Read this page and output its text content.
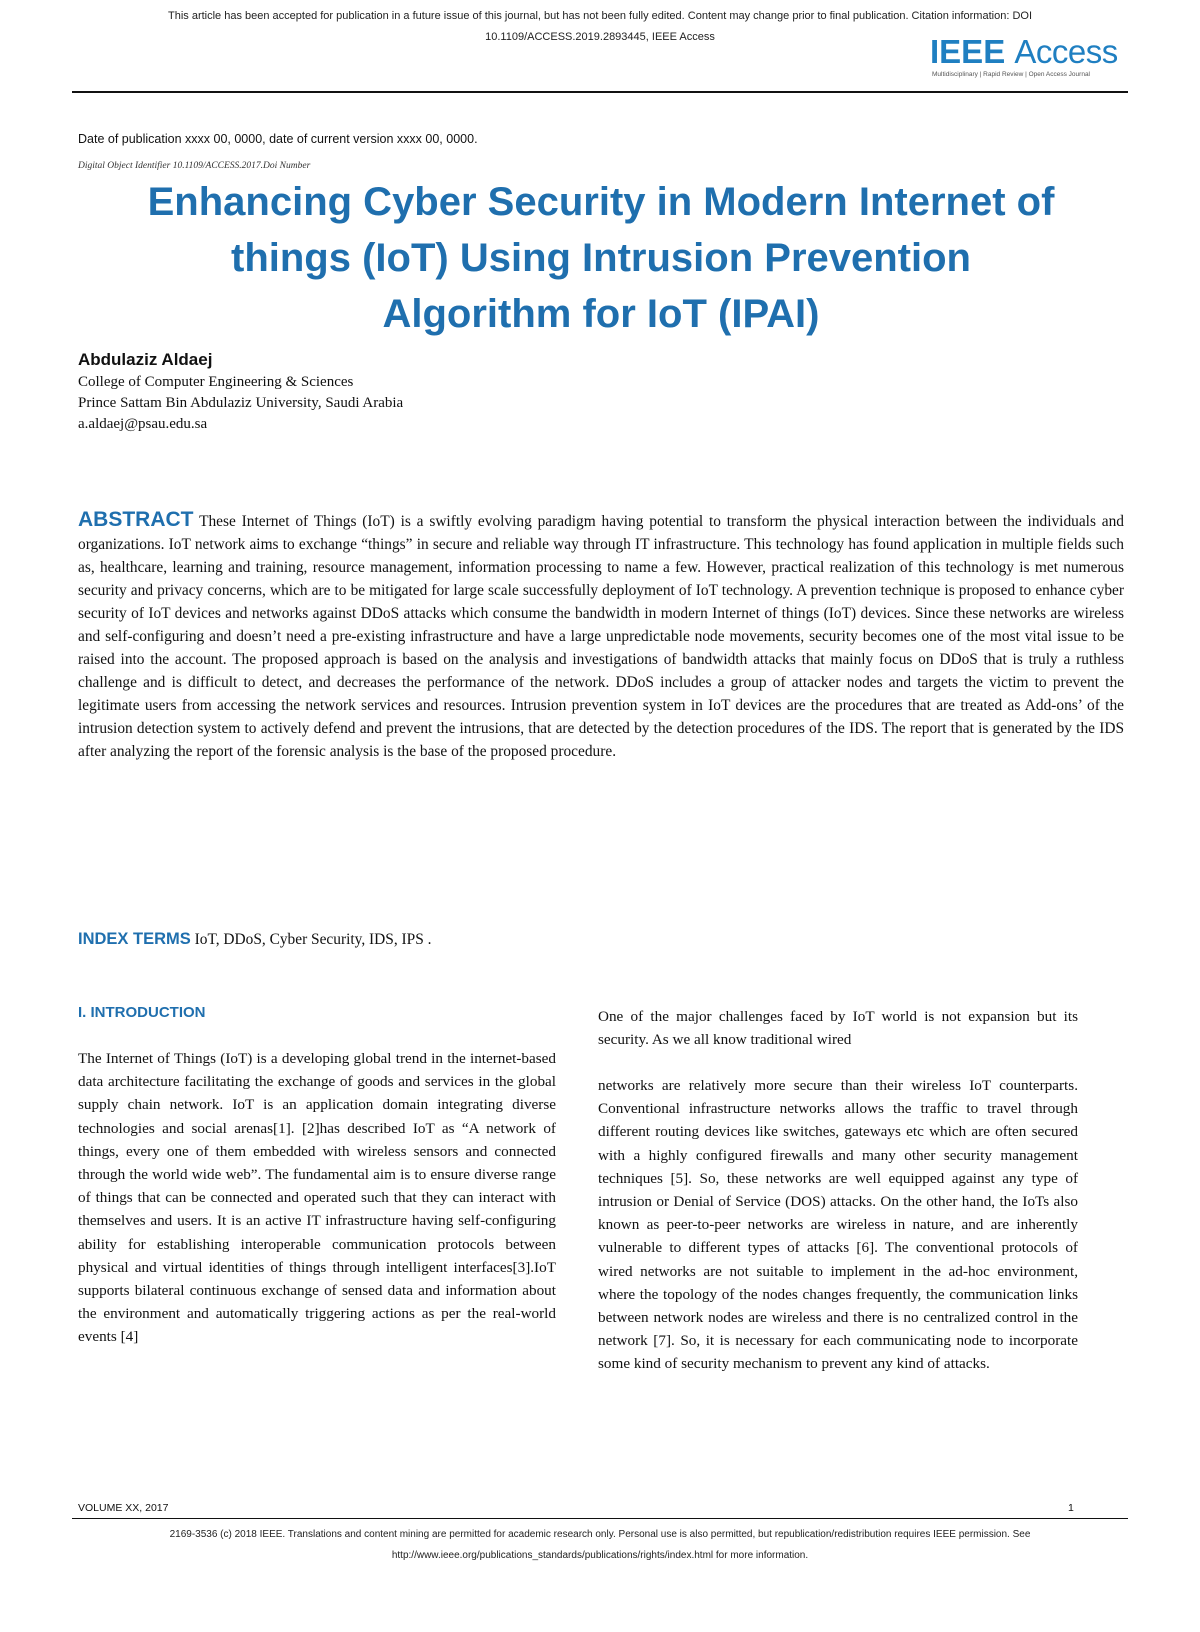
This article has been accepted for publication in a future issue of this journal, but has not been fully edited. Content may change prior to final publication. Citation information: DOI
10.1109/ACCESS.2019.2893445, IEEE Access	IEEE Access
Multidisciplinary | Rapid Review | Open Access Journal
Date of publication xxxx 00, 0000, date of current version xxxx 00, 0000.
Digital Object Identifier 10.1109/ACCESS.2017.Doi Number
Enhancing Cyber Security in Modern Internet of
things (IoT) Using Intrusion Prevention
Algorithm for IoT (IPAI)
Abdulaziz Aldaej
College of Computer Engineering & Sciences
Prince Sattam Bin Abdulaziz University, Saudi Arabia
a.aldaej@psau.edu.sa
ABSTRACT These Internet of Things (IoT) is a swiftly evolving paradigm having potential to transform the physical interaction between the individuals and organizations. IoT network aims to exchange “things” in secure and reliable way through IT infrastructure. This technology has found application in multiple fields such as, healthcare, learning and training, resource management, information processing to name a few. However, practical realization of this technology is met numerous security and privacy concerns, which are to be mitigated for large scale successfully deployment of IoT technology. A prevention technique is proposed to enhance cyber security of IoT devices and networks against DDoS attacks which consume the bandwidth in modern Internet of things (IoT) devices. Since these networks are wireless and self-configuring and doesn’t need a pre-existing infrastructure and have a large unpredictable node movements, security becomes one of the most vital issue to be raised into the account. The proposed approach is based on the analysis and investigations of bandwidth attacks that mainly focus on DDoS that is truly a ruthless challenge and is difficult to detect, and decreases the performance of the network. DDoS includes a group of attacker nodes and targets the victim to prevent the legitimate users from accessing the network services and resources. Intrusion prevention system in IoT devices are the procedures that are treated as Add-ons’ of the intrusion detection system to actively defend and prevent the intrusions, that are detected by the detection procedures of the IDS. The report that is generated by the IDS after analyzing the report of the forensic analysis is the base of the proposed procedure.
INDEX TERMS IoT, DDoS, Cyber Security, IDS, IPS .
I. INTRODUCTION
The Internet of Things (IoT) is a developing global trend in the internet-based data architecture facilitating the exchange of goods and services in the global supply chain network. IoT is an application domain integrating diverse technologies and social arenas[1]. [2]has described IoT as “A network of things, every one of them embedded with wireless sensors and connected through the world wide web”. The fundamental aim is to ensure diverse range of things that can be connected and operated such that they can interact with themselves and users. It is an active IT infrastructure having self-configuring ability for establishing interoperable communication protocols between physical and virtual identities of things through intelligent interfaces[3].IoT supports bilateral continuous exchange of sensed data and information about the environment and automatically triggering actions as per the real-world events [4]
One of the major challenges faced by IoT world is not expansion but its security. As we all know traditional wired
networks are relatively more secure than their wireless IoT counterparts. Conventional infrastructure networks allows the traffic to travel through different routing devices like switches, gateways etc which are often secured with a highly configured firewalls and many other security management techniques [5]. So, these networks are well equipped against any type of intrusion or Denial of Service (DOS) attacks. On the other hand, the IoTs also known as peer-to-peer networks are wireless in nature, and are inherently vulnerable to different types of attacks [6]. The conventional protocols of wired networks are not suitable to implement in the ad-hoc environment, where the topology of the nodes changes frequently, the communication links between network nodes are wireless and there is no centralized control in the network [7]. So, it is necessary for each communicating node to incorporate some kind of security mechanism to prevent any kind of attacks.
VOLUME XX, 2017	1
2169-3536 (c) 2018 IEEE. Translations and content mining are permitted for academic research only. Personal use is also permitted, but republication/redistribution requires IEEE permission. See
http://www.ieee.org/publications_standards/publications/rights/index.html for more information.
